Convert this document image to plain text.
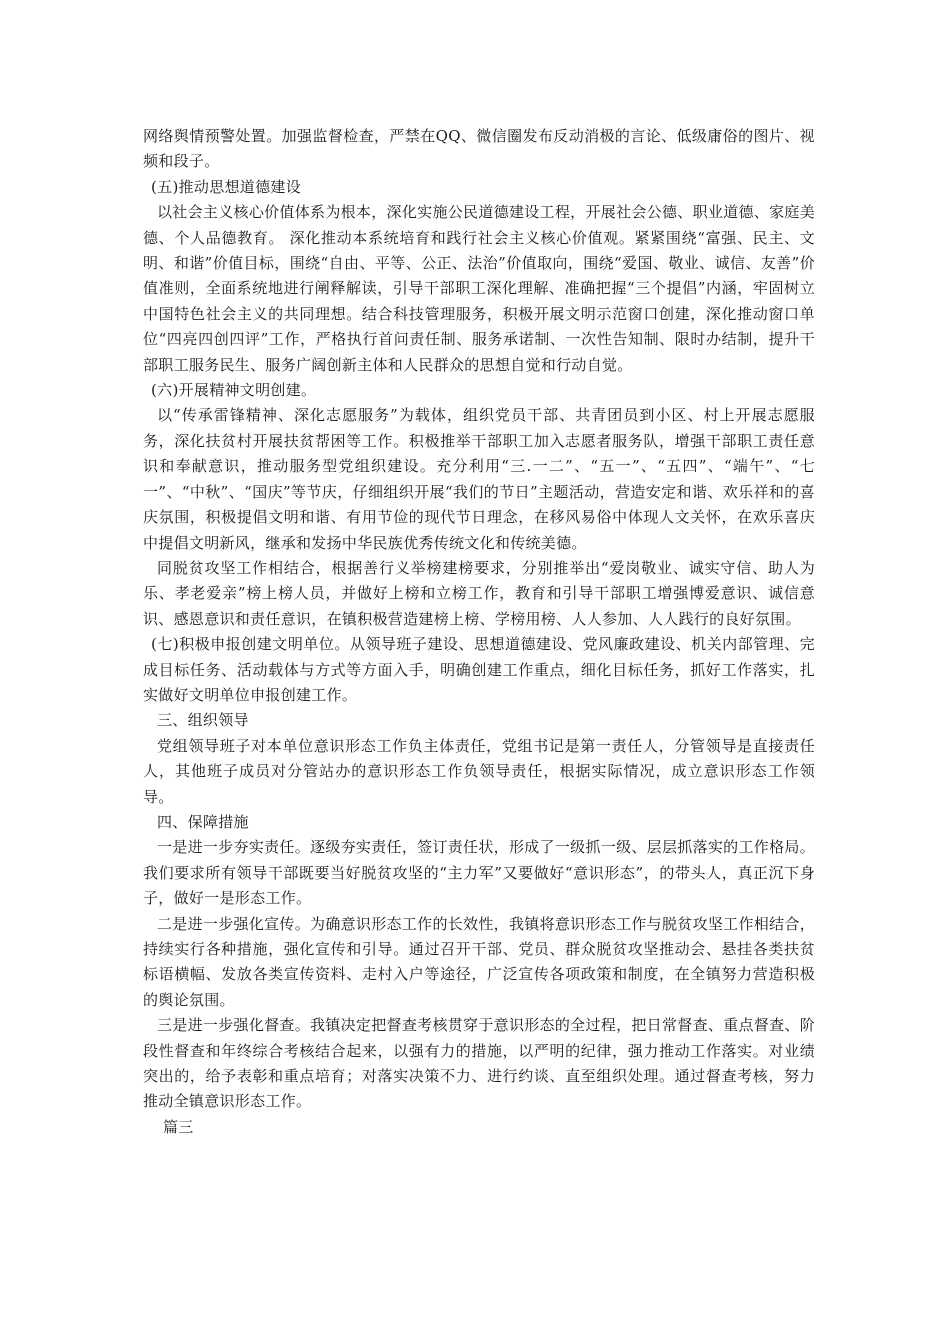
网络舆情预警处置。加强监督检查，严禁在QQ、微信圈发布反动消极的言论、低级庸俗的图片、视频和段子。

(五)推动思想道德建设

以社会主义核心价值体系为根本，深化实施公民道德建设工程，开展社会公德、职业道德、家庭美德、个人品德教育。 深化推动本系统培育和践行社会主义核心价值观。紧紧围绕“富强、民主、文明、和谐”价值目标，围绕“自由、平等、公正、法治”价值取向，围绕“爱国、敬业、诚信、友善”价值准则，全面系统地进行阐释解读，引导干部职工深化理解、准确把握“三个提倡”内涵，牢固树立中国特色社会主义的共同理想。结合科技管理服务，积极开展文明示范窗口创建，深化推动窗口单位“四亮四创四评”工作，严格执行首问责任制、服务承诺制、一次性告知制、限时办结制，提升干部职工服务民生、服务广阔创新主体和人民群众的思想自觉和行动自觉。

(六)开展精神文明创建。

以“传承雷锋精神、深化志愿服务”为载体，组织党员干部、共青团员到小区、村上开展志愿服务，深化扶贫村开展扶贫帮困等工作。积极推举干部职工加入志愿者服务队，增强干部职工责任意识和奉献意识，推动服务型党组织建设。充分利用“三.一二”、“五一”、“五四”、“端午”、“七一”、“中秋”、“国庆”等节庆，仔细组织开展“我们的节日”主题活动，营造安定和谐、欢乐祥和的喜庆氛围，积极提倡文明和谐、有用节俭的现代节日理念，在移风易俗中体现人文关怀，在欢乐喜庆中提倡文明新风，继承和发扬中华民族优秀传统文化和传统美德。

同脱贫攻坚工作相结合，根据善行义举榜建榜要求，分别推举出“爱岗敬业、诚实守信、助人为乐、孝老爱亲”榜上榜人员，并做好上榜和立榜工作，教育和引导干部职工增强博爱意识、诚信意识、感恩意识和责任意识，在镇积极营造建榜上榜、学榜用榜、人人参加、人人践行的良好氛围。

(七)积极申报创建文明单位。从领导班子建设、思想道德建设、党风廉政建设、机关内部管理、完成目标任务、活动载体与方式等方面入手，明确创建工作重点，细化目标任务，抓好工作落实，扎实做好文明单位申报创建工作。

三、组织领导

党组领导班子对本单位意识形态工作负主体责任，党组书记是第一责任人，分管领导是直接责任人，其他班子成员对分管站办的意识形态工作负领导责任，根据实际情况，成立意识形态工作领导。

四、保障措施

一是进一步夯实责任。逐级夯实责任，签订责任状，形成了一级抓一级、层层抓落实的工作格局。我们要求所有领导干部既要当好脱贫攻坚的“主力军”又要做好“意识形态”，的带头人，真正沉下身子，做好一是形态工作。

二是进一步强化宣传。为确意识形态工作的长效性，我镇将意识形态工作与脱贫攻坚工作相结合，持续实行各种措施，强化宣传和引导。通过召开干部、党员、群众脱贫攻坚推动会、悬挂各类扶贫标语横幅、发放各类宣传资料、走村入户等途径，广泛宣传各项政策和制度，在全镇努力营造积极的舆论氛围。

三是进一步强化督查。我镇决定把督查考核贯穿于意识形态的全过程，把日常督查、重点督查、阶段性督查和年终综合考核结合起来，以强有力的措施，以严明的纪律，强力推动工作落实。对业绩突出的，给予表彰和重点培育；对落实决策不力、进行约谈、直至组织处理。通过督查考核，努力推动全镇意识形态工作。

篇三
